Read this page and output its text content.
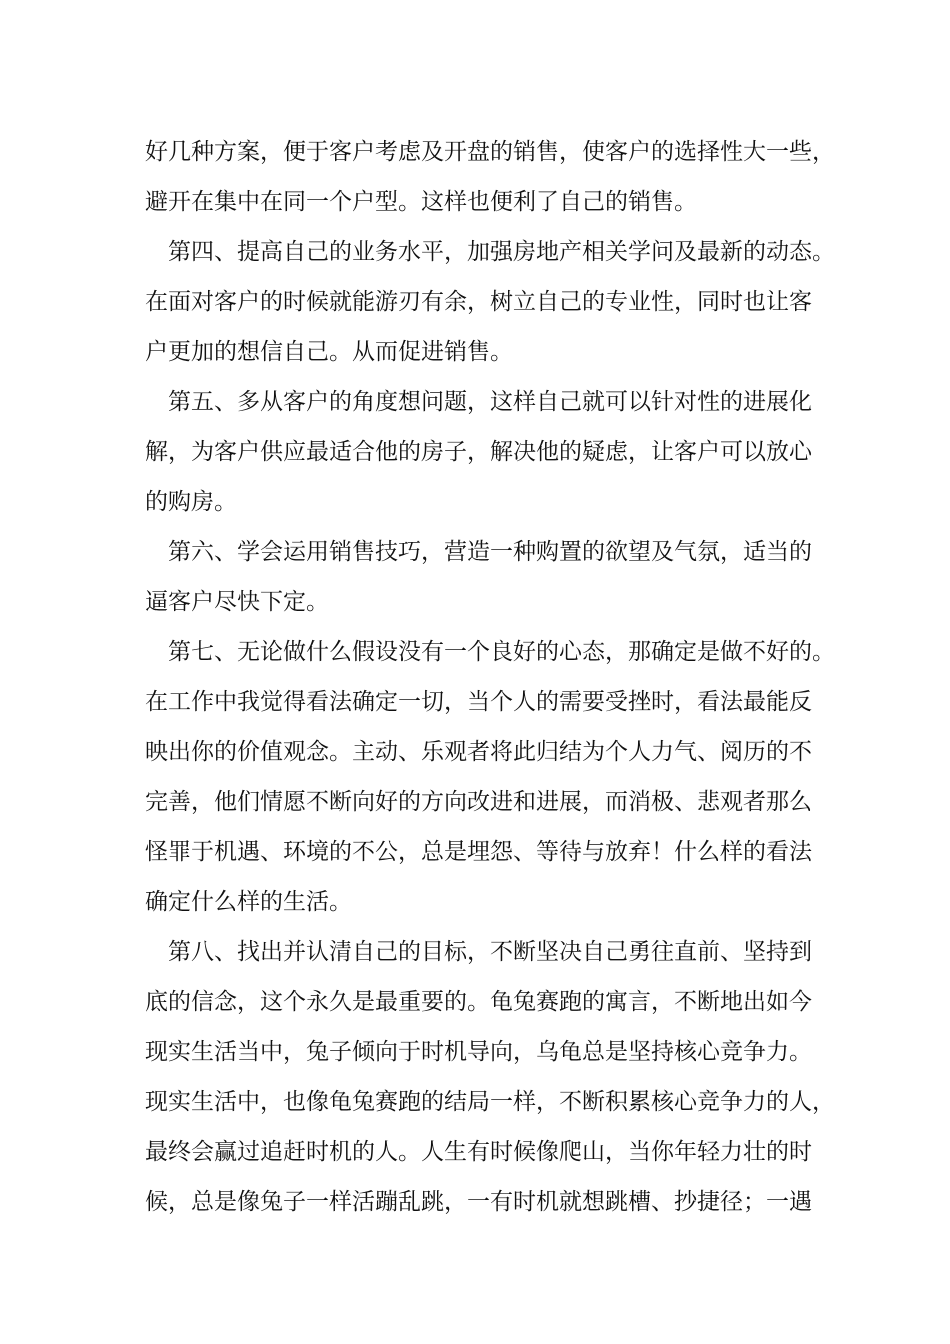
好几种方案，便于客户考虑及开盘的销售，使客户的选择性大一些，
避开在集中在同一个户型。这样也便利了自己的销售。
第四、提高自己的业务水平，加强房地产相关学问及最新的动态。
在面对客户的时候就能游刃有余，树立自己的专业性，同时也让客
户更加的想信自己。从而促进销售。
第五、多从客户的角度想问题，这样自己就可以针对性的进展化
解，为客户供应最适合他的房子，解决他的疑虑，让客户可以放心
的购房。
第六、学会运用销售技巧，营造一种购置的欲望及气氛，适当的
逼客户尽快下定。
第七、无论做什么假设没有一个良好的心态，那确定是做不好的。
在工作中我觉得看法确定一切，当个人的需要受挫时，看法最能反
映出你的价值观念。主动、乐观者将此归结为个人力气、阅历的不
完善，他们情愿不断向好的方向改进和进展，而消极、悲观者那么
怪罪于机遇、环境的不公，总是埋怨、等待与放弃！什么样的看法
确定什么样的生活。
第八、找出并认清自己的目标，不断坚决自己勇往直前、坚持到
底的信念，这个永久是最重要的。龟兔赛跑的寓言，不断地出如今
现实生活当中，兔子倾向于时机导向，乌龟总是坚持核心竞争力。
现实生活中，也像龟兔赛跑的结局一样，不断积累核心竞争力的人，
最终会赢过追赶时机的人。人生有时候像爬山，当你年轻力壮的时
候，总是像兔子一样活蹦乱跳，一有时机就想跳槽、抄捷径；一遇
